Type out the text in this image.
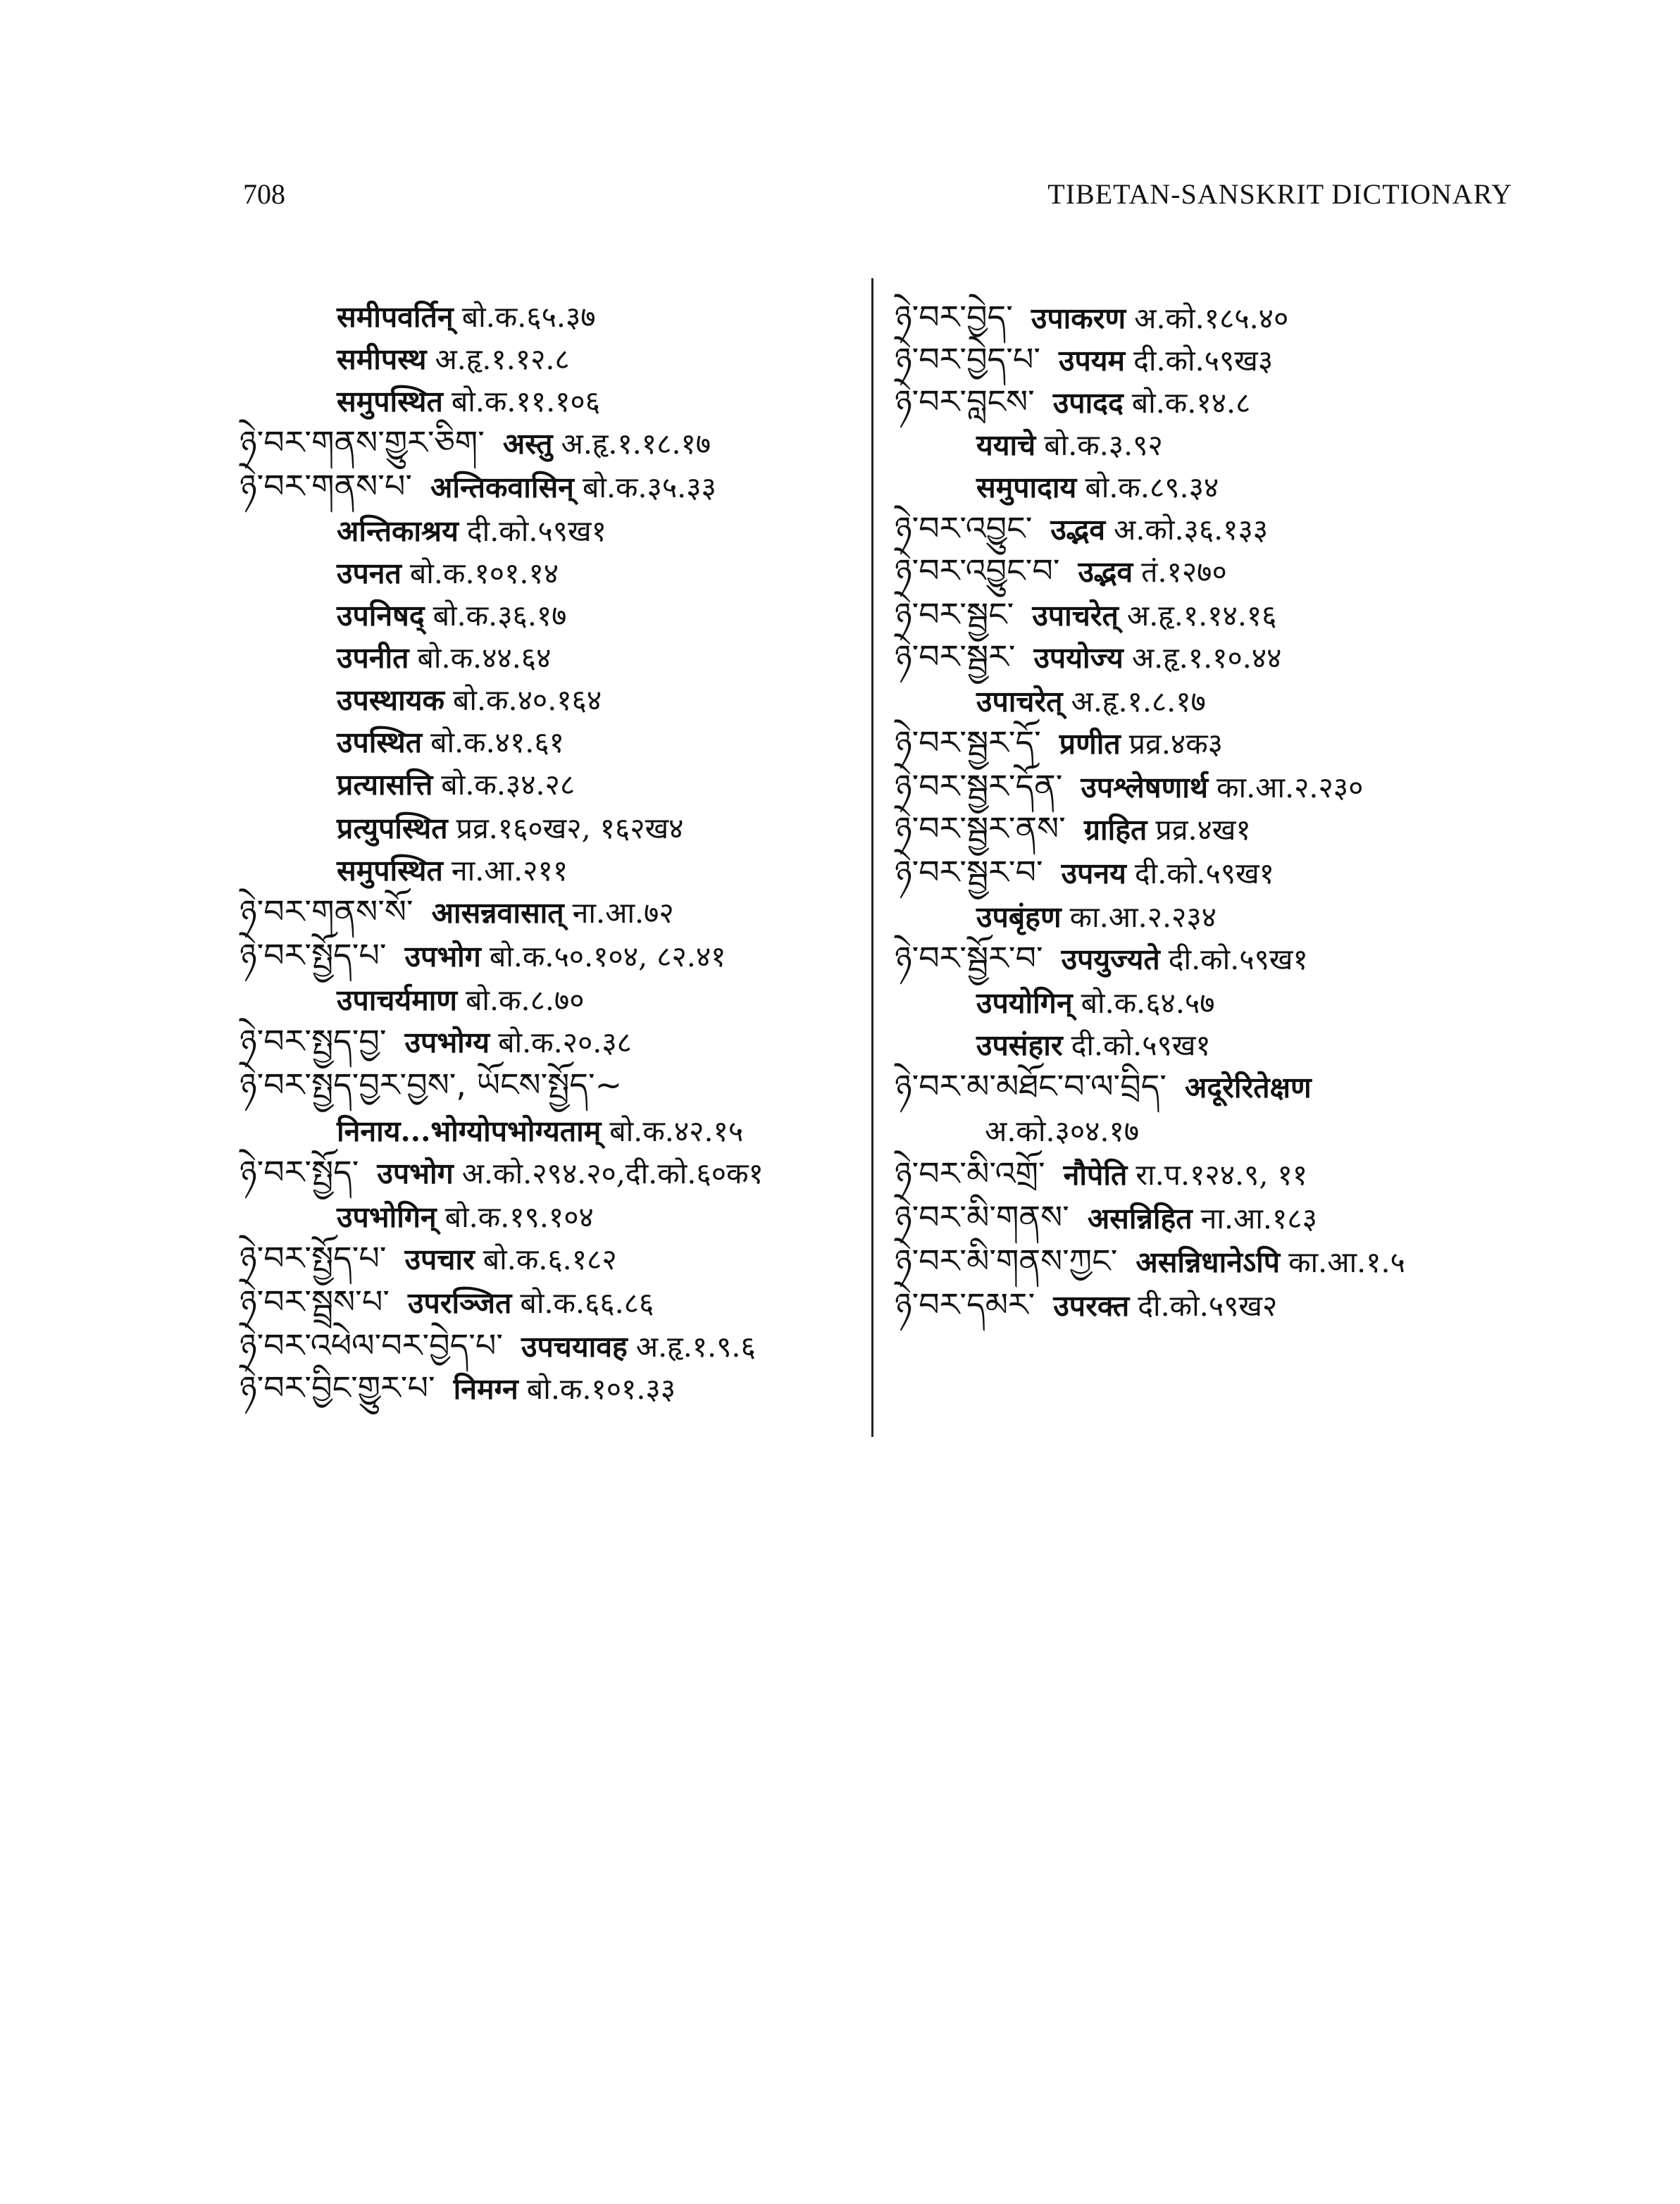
708	TIBETAN-SANSKRIT DICTIONARY
समीपवर्तिन् बो.क.६५.३७
समीपस्थ अ.हृ.१.१२.८
समुपस्थित बो.क.११.१०६
ཉེ་བར་གནས་གྱུར་ཅིག་ अस्तु अ.हृ.१.१८.१७
ཉེ་བར་གནས་པ་ अन्तिकवासिन् बो.क.३५.३३
अन्तिकाश्रय दी.को.५९ख१
उपनत बो.क.१०१.१४
उपनिषद् बो.क.३६.१७
उपनीत बो.क.४४.६४
उपस्थायक बो.क.४०.१६४
उपस्थित बो.क.४१.६१
प्रत्यासत्ति बो.क.३४.२८
प्रत्युपस्थित प्रव्र.१६०ख२, १६२ख४
समुपस्थित ना.आ.२११
ཉེ་བར་གནས་སོ་ आसन्नवासात् ना.आ.७२
ཉེ་བར་སྤྱོད་པ་ उपभोग बो.क.५०.१०४, ८२.४१
उपाचर्यमाण बो.क.८.७०
ཉེ་བར་སྤྱད་བྱ་ उपभोग्य बो.क.२०.३८
ཉེ་བར་སྤྱད་བྱར་བྱས་, ཡོངས་སྤྱོད་~
निनाय...भोग्योपभोग्यताम् बो.क.४२.१५
ཉེ་བར་སྤྱོད་ उपभोग अ.को.२९४.२०,दी.को.६०क१
उपभोगिन् बो.क.१९.१०४
ཉེ་བར་སྤྱོད་པ་ उपचार बो.क.६.१८२
ཉེ་བར་སྦྲས་པ་ उपरञ्जित बो.क.६६.८६
ཉེ་བར་འཕེལ་བར་བྱེད་པ་ उपचयावह अ.हृ.१.९.६
ཉེ་བར་བྱིང་གྱུར་པ་ निमग्न बो.क.१०१.३३
ཉེ་བར་བྱེད་ उपाकरण अ.को.१८५.४०
ཉེ་བར་བྱེད་པ་ उपयम दी.को.५९ख३
ཉེ་བར་བླངས་ उपादद बो.क.१४.८
ययाचे बो.क.३.९२
समुपादाय बो.क.८९.३४
ཉེ་བར་འབྱུང་ उद्भव अ.को.३६.१३३
ཉེ་བར་འབྱུང་བ་ उद्भव तं.१२७०
ཉེ་བར་སྦྱང་ उपाचरेत् अ.हृ.१.१४.१६
ཉེ་བར་སྦྱར་ उपयोज्य अ.हृ.१.१०.४४
उपाचरेत् अ.हृ.१.८.१७
ཉེ་བར་སྦྱར་དོ་ प्रणीत प्रव्र.४क३
ཉེ་བར་སྦྱར་དོན་ उपश्लेषणार्थ का.आ.२.२३०
ཉེ་བར་སྦྱར་ནས་ ग्राहित प्रव्र.४ख१
ཉེ་བར་སྦྱར་བ་ उपनय दी.को.५९ख१
उपबृंहण का.आ.२.२३४
ཉེ་བར་སྦྱོར་བ་ उपयुज्यते दी.को.५९ख१
उपयोगिन् बो.क.६४.५७
उपसंहार दी.को.५९ख१
ཉེ་བར་མ་མཐོང་བ་ལ་བྲིད་ अदूरेरितेक्षण
अ.को.३०४.१७
ཉེ་བར་མི་འགྲོ་ नौपेति रा.प.१२४.९, ११
ཉེ་བར་མི་གནས་ असन्निहित ना.आ.१८३
ཉེ་བར་མི་གནས་ཀྱང་ असन्निधानेऽपि का.आ.१.५
ཉེ་བར་དམར་ उपरक्त दी.को.५९ख२
